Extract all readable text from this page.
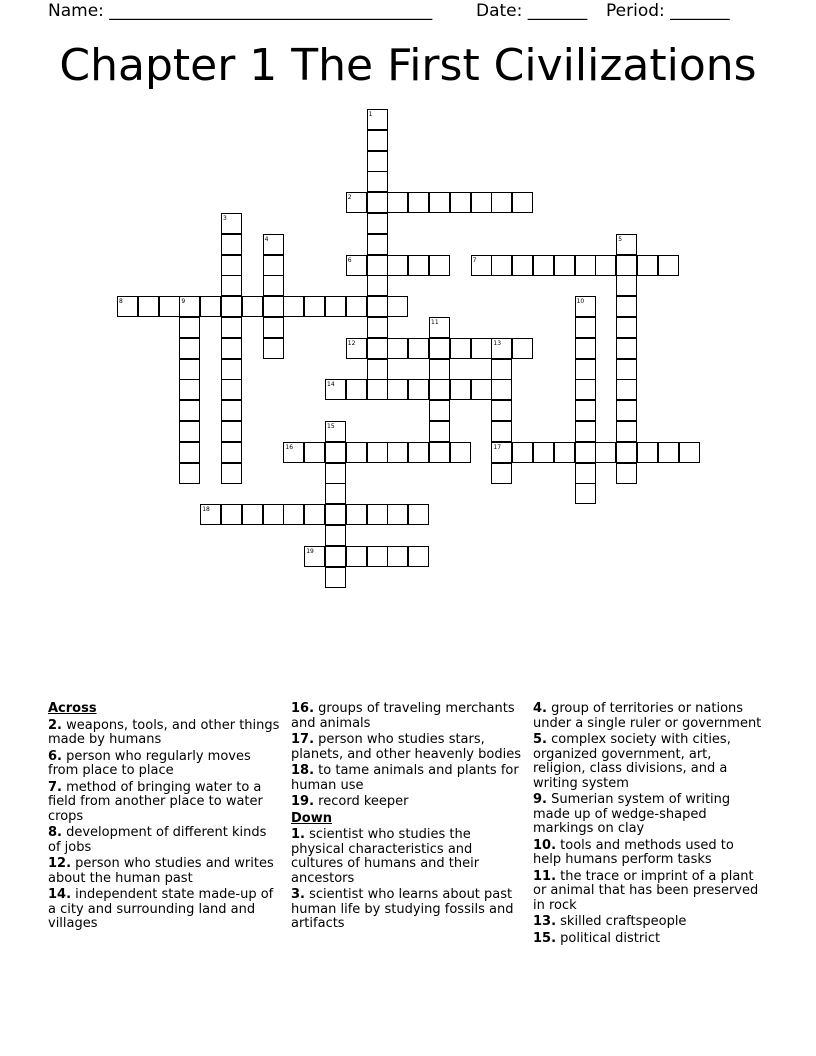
Name: ______________________________________	Date: _______ Period: _______
Chapter 1 The First Civilizations
1
2
3
4	5
6	7
8	9	10
11
12	13
17
14
15
16
18
19
Across
2. weapons, tools, and other things made by humans
6. person who regularly moves from place to place
7. method of bringing water to a field from another place to water crops
8. development of different kinds of jobs
12. person who studies and writes about the human past
14. independent state made-up of a city and surrounding land and villages
16. groups of traveling merchants and animals
17. person who studies stars, planets, and other heavenly bodies
18. to tame animals and plants for human use
19. record keeper
Down
1. scientist who studies the physical characteristics and cultures of humans and their ancestors
3. scientist who learns about past human life by studying fossils and artifacts
4. group of territories or nations under a single ruler or government
5. complex society with cities, organized government, art, religion, class divisions, and a writing system
9. Sumerian system of writing made up of wedge-shaped markings on clay
10. tools and methods used to help humans perform tasks
11. the trace or imprint of a plant or animal that has been preserved in rock
13. skilled craftspeople
15. political district
